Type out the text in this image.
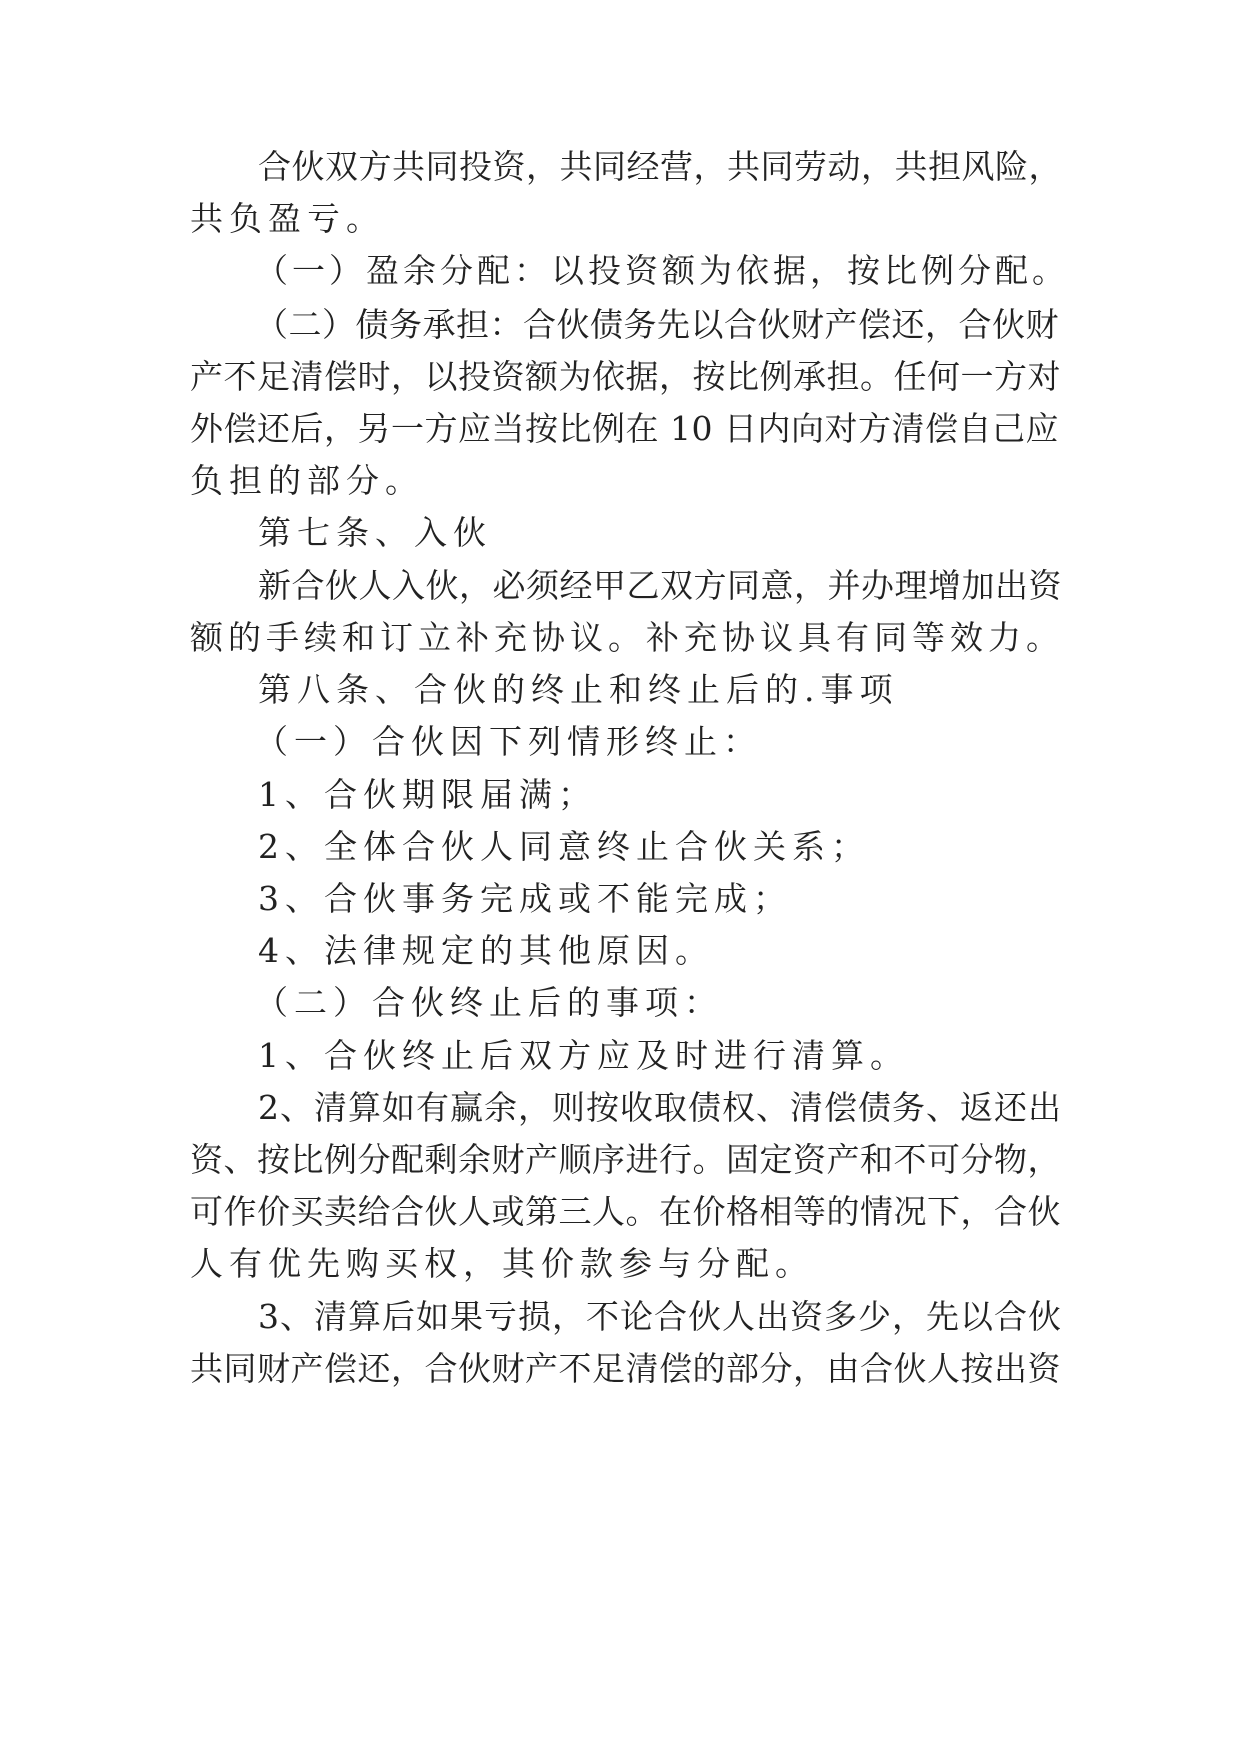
合伙双方共同投资，共同经营，共同劳动，共担风险，
共负盈亏。
（一）盈余分配：以投资额为依据，按比例分配。
（二）债务承担：合伙债务先以合伙财产偿还，合伙财
产不足清偿时，以投资额为依据，按比例承担。任何一方对
外偿还后，另一方应当按比例在 10 日内向对方清偿自己应
负担的部分。
第七条、入伙
新合伙人入伙，必须经甲乙双方同意，并办理增加出资
额的手续和订立补充协议。补充协议具有同等效力。
第八条、合伙的终止和终止后的.事项
（一）合伙因下列情形终止：
1、合伙期限届满；
2、全体合伙人同意终止合伙关系；
3、合伙事务完成或不能完成；
4、法律规定的其他原因。
（二）合伙终止后的事项：
1、合伙终止后双方应及时进行清算。
2、清算如有赢余，则按收取债权、清偿债务、返还出
资、按比例分配剩余财产顺序进行。固定资产和不可分物，
可作价买卖给合伙人或第三人。在价格相等的情况下，合伙
人有优先购买权，其价款参与分配。
3、清算后如果亏损，不论合伙人出资多少，先以合伙
共同财产偿还，合伙财产不足清偿的部分，由合伙人按出资
